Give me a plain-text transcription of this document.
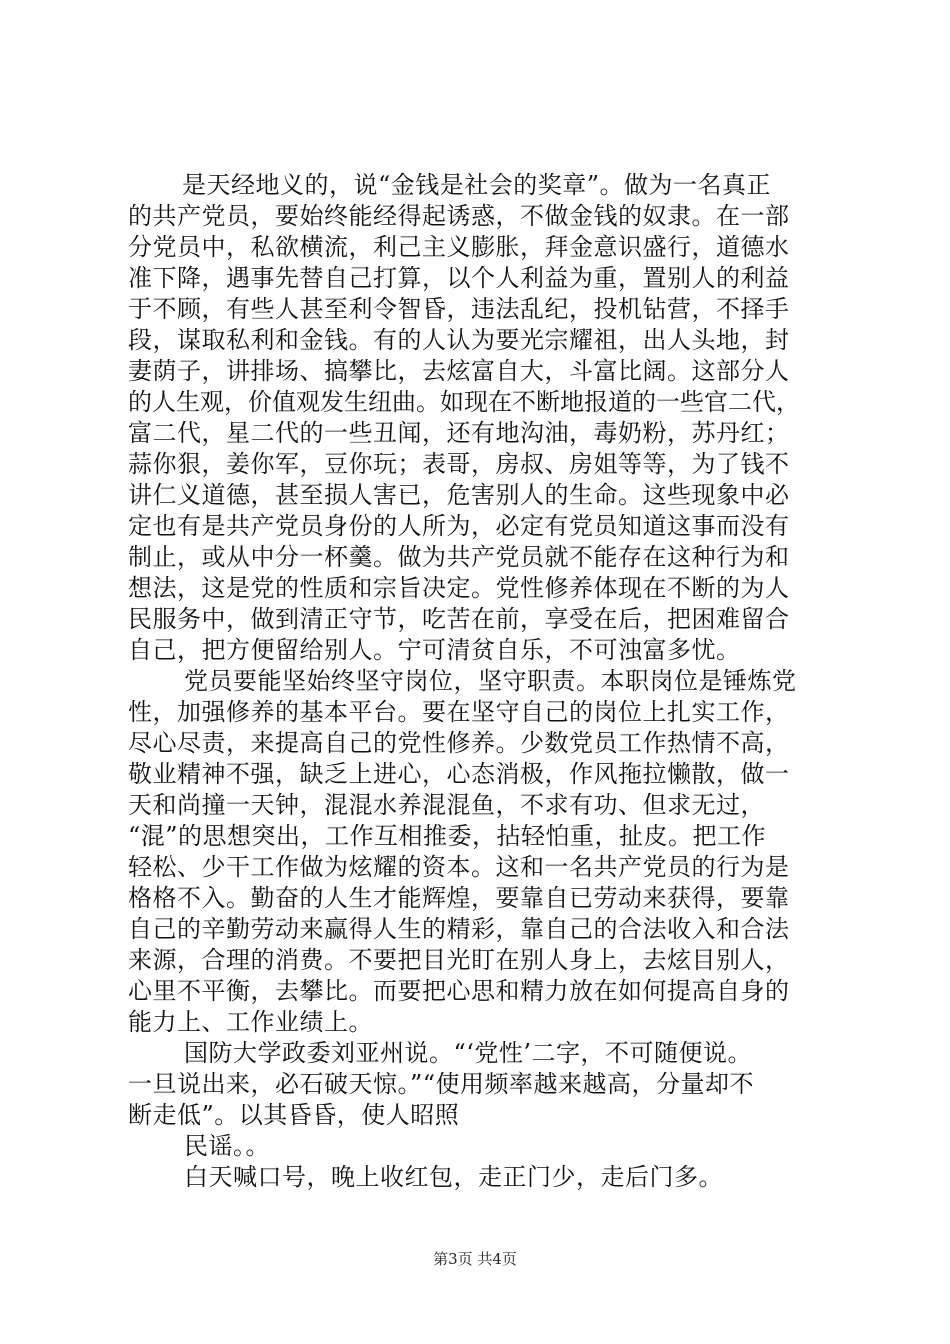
是天经地义的，说“金钱是社会的奖章”。做为一名真正
的共产党员，要始终能经得起诱惑，不做金钱的奴隶。在一部
分党员中，私欲横流，利己主义膨胀，拜金意识盛行，道德水
准下降，遇事先替自己打算，以个人利益为重，置别人的利益
于不顾，有些人甚至利令智昏，违法乱纪，投机钻营，不择手
段，谋取私利和金钱。有的人认为要光宗耀祖，出人头地，封
妻荫子，讲排场、搞攀比，去炫富自大，斗富比阔。这部分人
的人生观，价值观发生纽曲。如现在不断地报道的一些官二代，
富二代，星二代的一些丑闻，还有地沟油，毒奶粉，苏丹红；
蒜你狠，姜你军，豆你玩；表哥，房叔、房姐等等，为了钱不
讲仁义道德，甚至损人害已，危害别人的生命。这些现象中必
定也有是共产党员身份的人所为，必定有党员知道这事而没有
制止，或从中分一杯羹。做为共产党员就不能存在这种行为和
想法，这是党的性质和宗旨决定。党性修养体现在不断的为人
民服务中，做到清正守节，吃苦在前，享受在后，把困难留合
自己，把方便留给别人。宁可清贫自乐，不可浊富多忧。
党员要能坚始终坚守岗位，坚守职责。本职岗位是锤炼党
性，加强修养的基本平台。要在坚守自己的岗位上扎实工作，
尽心尽责，来提高自己的党性修养。少数党员工作热情不高，
敬业精神不强，缺乏上进心，心态消极，作风拖拉懒散，做一
天和尚撞一天钟，混混水养混混鱼，不求有功、但求无过，
“混”的思想突出，工作互相推委，拈轻怕重，扯皮。把工作
轻松、少干工作做为炫耀的资本。这和一名共产党员的行为是
格格不入。勤奋的人生才能辉煌，要靠自已劳动来获得，要靠
自己的辛勤劳动来赢得人生的精彩，靠自己的合法收入和合法
来源，合理的消费。不要把目光盯在别人身上，去炫目别人，
心里不平衡，去攀比。而要把心思和精力放在如何提高自身的
能力上、工作业绩上。
国防大学政委刘亚州说。“‘党性’二字，不可随便说。
一旦说出来，必石破天惊。”“使用频率越来越高，分量却不
断走低”。以其昏昏，使人昭照
民谣。。
白天喊口号，晚上收红包，走正门少，走后门多。
第3页 共4页
